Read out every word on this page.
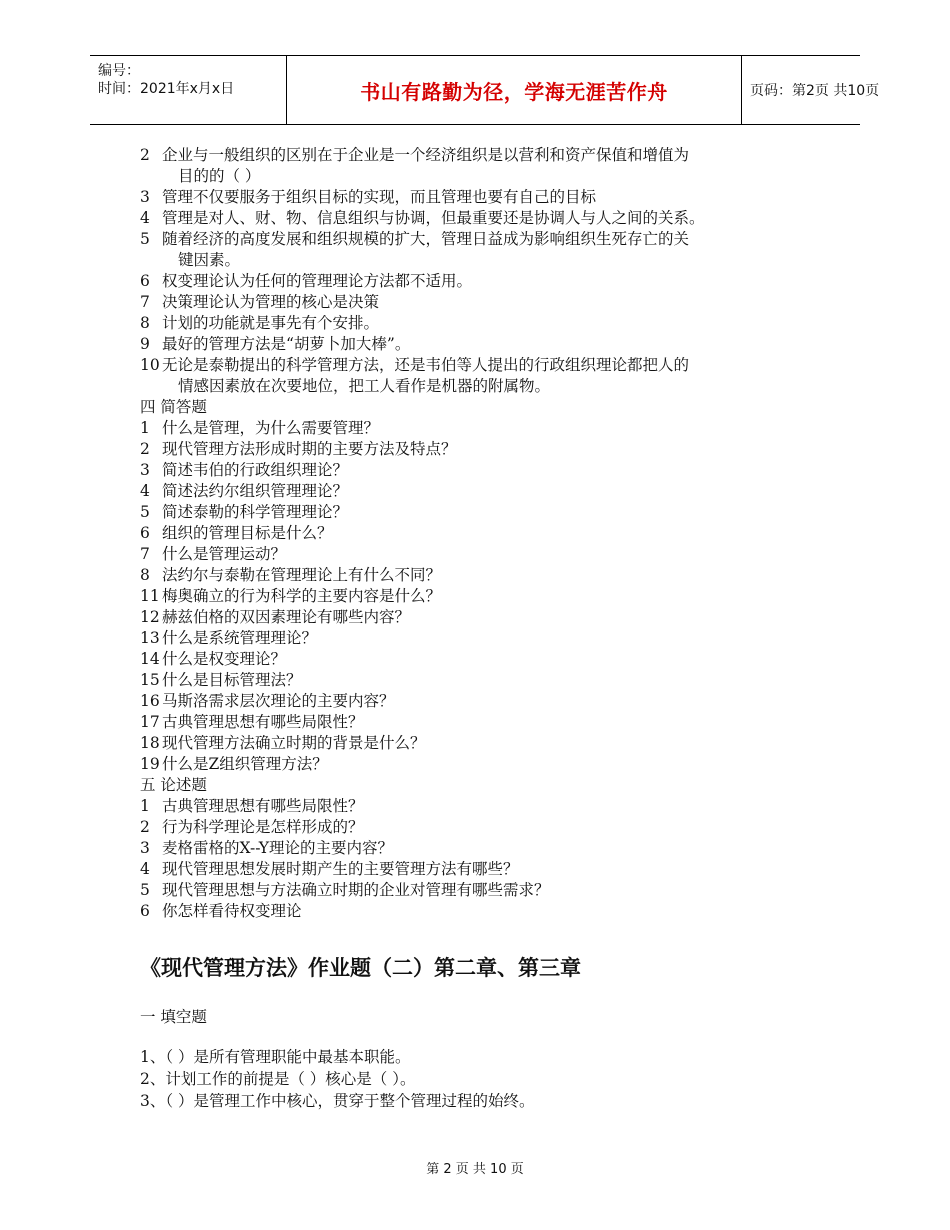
编号：
时间：2021年x月x日	书山有路勤为径，学海无涯苦作舟	页码：第2页 共10页
2 企业与一般组织的区别在于企业是一个经济组织是以营利和资产保值和增值为
目的的（ ）
3 管理不仅要服务于组织目标的实现，而且管理也要有自己的目标
4 管理是对人、财、物、信息组织与协调，但最重要还是协调人与人之间的关系。
5 随着经济的高度发展和组织规模的扩大，管理日益成为影响组织生死存亡的关
键因素。
6 权变理论认为任何的管理理论方法都不适用。
7 决策理论认为管理的核心是决策
8 计划的功能就是事先有个安排。
9 最好的管理方法是“胡萝卜加大棒”。
10 无论是泰勒提出的科学管理方法，还是韦伯等人提出的行政组织理论都把人的
情感因素放在次要地位，把工人看作是机器的附属物。
四 简答题
1 什么是管理，为什么需要管理？
2 现代管理方法形成时期的主要方法及特点？
3 简述韦伯的行政组织理论？
4 简述法约尔组织管理理论？
5 简述泰勒的科学管理理论？
6 组织的管理目标是什么？
7 什么是管理运动？
8 法约尔与泰勒在管理理论上有什么不同？
11 梅奥确立的行为科学的主要内容是什么？
12 赫兹伯格的双因素理论有哪些内容？
13 什么是系统管理理论？
14 什么是权变理论？
15 什么是目标管理法？
16 马斯洛需求层次理论的主要内容？
17 古典管理思想有哪些局限性？
18 现代管理方法确立时期的背景是什么？
19 什么是Z组织管理方法？
五 论述题
1 古典管理思想有哪些局限性？
2 行为科学理论是怎样形成的？
3 麦格雷格的X--Y理论的主要内容？
4 现代管理思想发展时期产生的主要管理方法有哪些？
5 现代管理思想与方法确立时期的企业对管理有哪些需求？
6 你怎样看待权变理论
《现代管理方法》作业题（二）第二章、第三章
一 填空题
1、（ ）是所有管理职能中最基本职能。
2、计划工作的前提是（ ）核心是（ ）。
3、（ ）是管理工作中核心，贯穿于整个管理过程的始终。
第 2 页 共 10 页
